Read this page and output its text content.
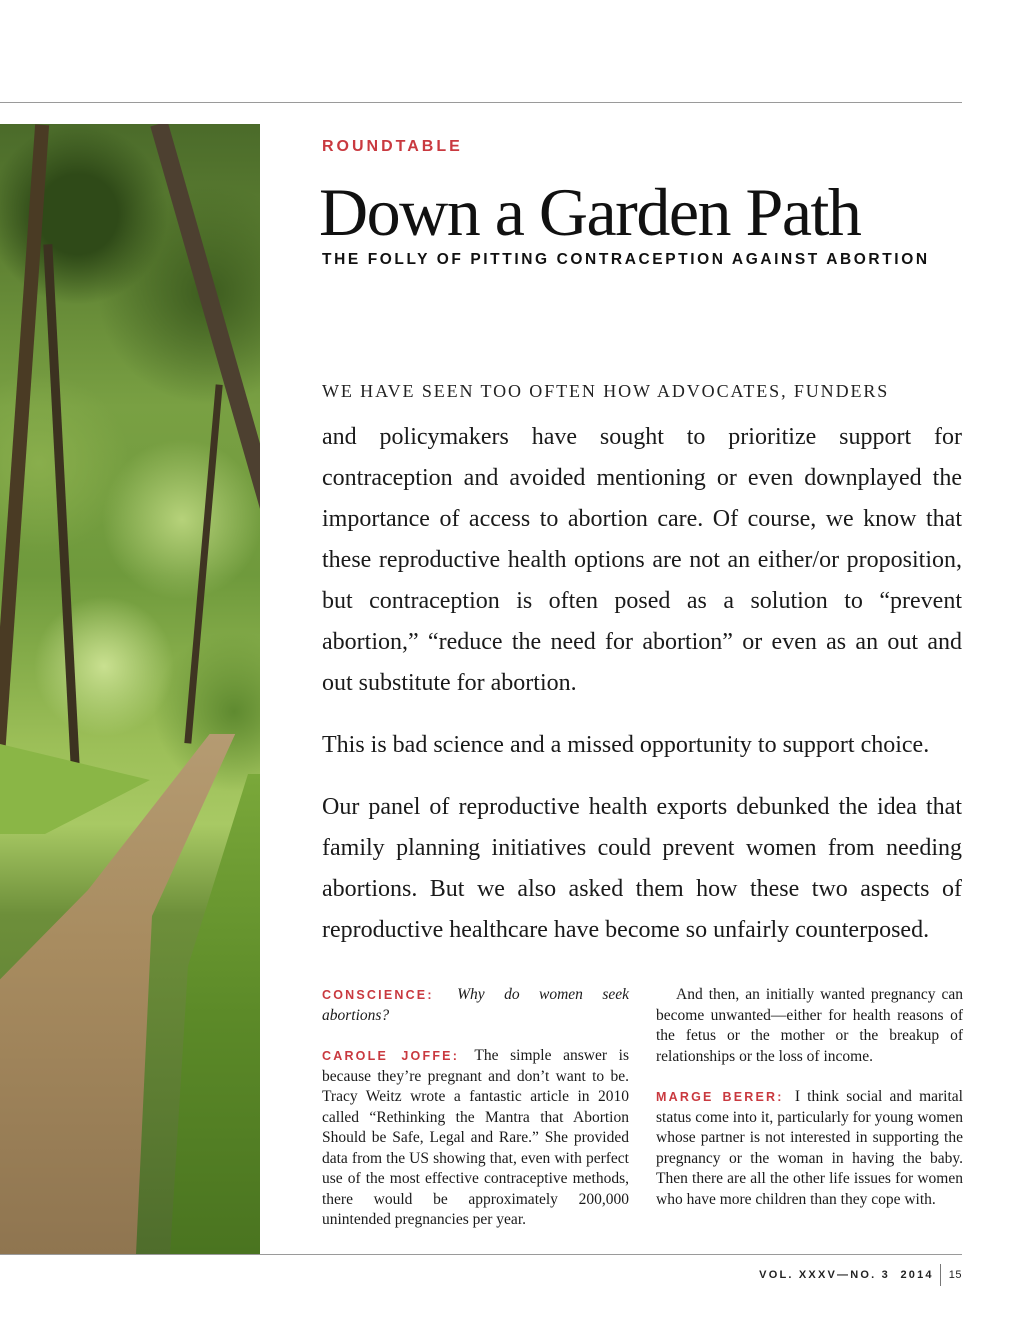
ROUNDTABLE
Down a Garden Path
THE FOLLY OF PITTING CONTRACEPTION AGAINST ABORTION
WE HAVE SEEN TOO OFTEN HOW ADVOCATES, FUNDERS

and policymakers have sought to prioritize support for contraception and avoided mentioning or even downplayed the importance of access to abortion care. Of course, we know that these reproductive health options are not an either/or proposition, but contraception is often posed as a solution to “prevent abortion,” “reduce the need for abortion” or even as an out and out substitute for abortion.

This is bad science and a missed opportunity to support choice.

Our panel of reproductive health exports debunked the idea that family planning initiatives could prevent women from needing abortions. But we also asked them how these two aspects of reproductive healthcare have become so unfairly counterposed.

CONSCIENCE: Why do women seek abortions?

CAROLE JOFFE: The simple answer is because they’re pregnant and don’t want to be. Tracy Weitz wrote a fantastic article in 2010 called “Rethinking the Mantra that Abortion Should be Safe, Legal and Rare.” She provided data from the US showing that, even with perfect use of the most effective contraceptive methods, there would be approximately 200,000 unintended pregnancies per year.

And then, an initially wanted pregnancy can become unwanted—either for health reasons of the fetus or the mother or the breakup of relationships or the loss of income.

MARGE BERER: I think social and marital status come into it, particularly for young women whose partner is not interested in supporting the pregnancy or the woman in having the baby. Then there are all the other life issues for women who have more children than they cope with.

VOL. XXXV—NO. 3  2014 15
